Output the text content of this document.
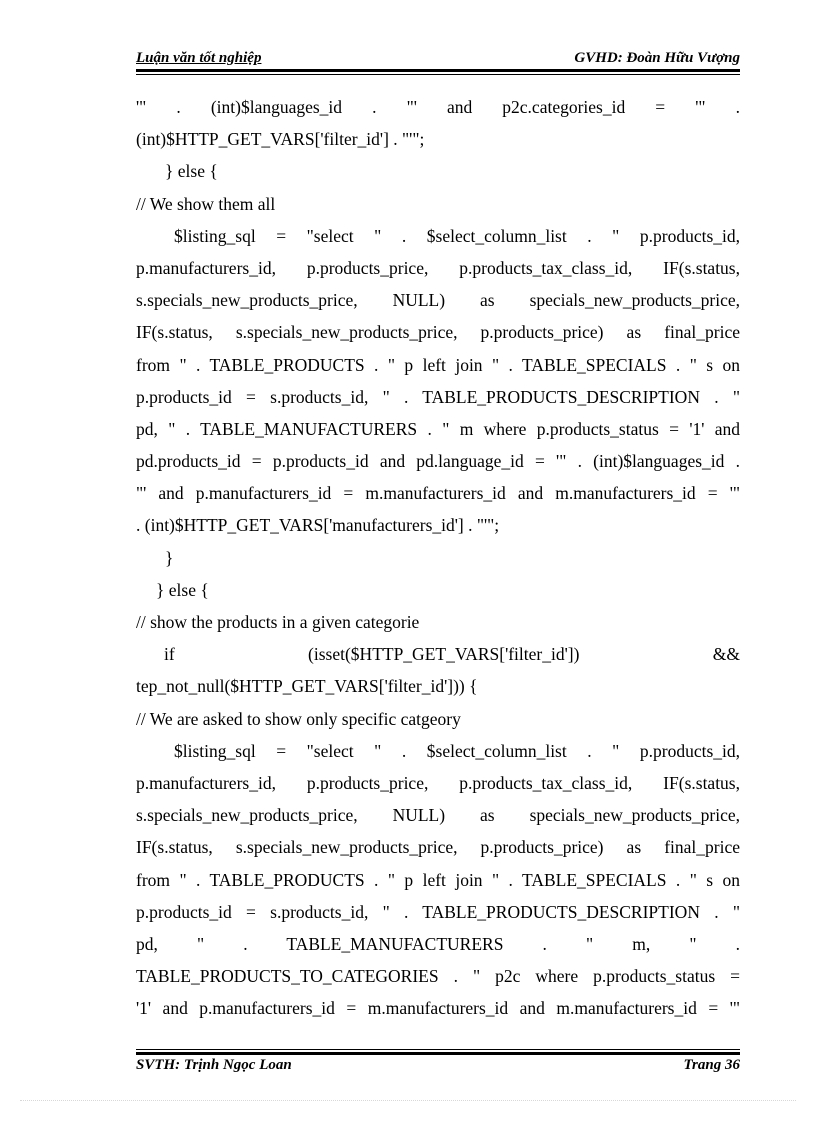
Luận văn tốt nghiệp	GVHD: Đoàn Hữu Vượng
'" . (int)$languages_id . "' and p2c.categories_id = '" .
(int)$HTTP_GET_VARS['filter_id'] . "'";
} else {
// We show them all
$listing_sql = "select " . $select_column_list . " p.products_id,
p.manufacturers_id, p.products_price, p.products_tax_class_id, IF(s.status,
s.specials_new_products_price, NULL) as specials_new_products_price,
IF(s.status, s.specials_new_products_price, p.products_price) as final_price
from " . TABLE_PRODUCTS . " p left join " . TABLE_SPECIALS . " s on
p.products_id = s.products_id, " . TABLE_PRODUCTS_DESCRIPTION . "
pd, " . TABLE_MANUFACTURERS . " m where p.products_status = '1' and
pd.products_id = p.products_id and pd.language_id = '" . (int)$languages_id .
"' and p.manufacturers_id = m.manufacturers_id and m.manufacturers_id = '"
. (int)$HTTP_GET_VARS['manufacturers_id'] . "'";
}
} else {
// show the products in a given categorie
if (isset($HTTP_GET_VARS['filter_id']) &&
tep_not_null($HTTP_GET_VARS['filter_id'])) {
// We are asked to show only specific catgeory
$listing_sql = "select " . $select_column_list . " p.products_id,
p.manufacturers_id, p.products_price, p.products_tax_class_id, IF(s.status,
s.specials_new_products_price, NULL) as specials_new_products_price,
IF(s.status, s.specials_new_products_price, p.products_price) as final_price
from " . TABLE_PRODUCTS . " p left join " . TABLE_SPECIALS . " s on
p.products_id = s.products_id, " . TABLE_PRODUCTS_DESCRIPTION . "
pd, " . TABLE_MANUFACTURERS . " m, " .
TABLE_PRODUCTS_TO_CATEGORIES . " p2c where p.products_status =
'1' and p.manufacturers_id = m.manufacturers_id and m.manufacturers_id = '"
SVTH: Trịnh Ngọc Loan	Trang 36
